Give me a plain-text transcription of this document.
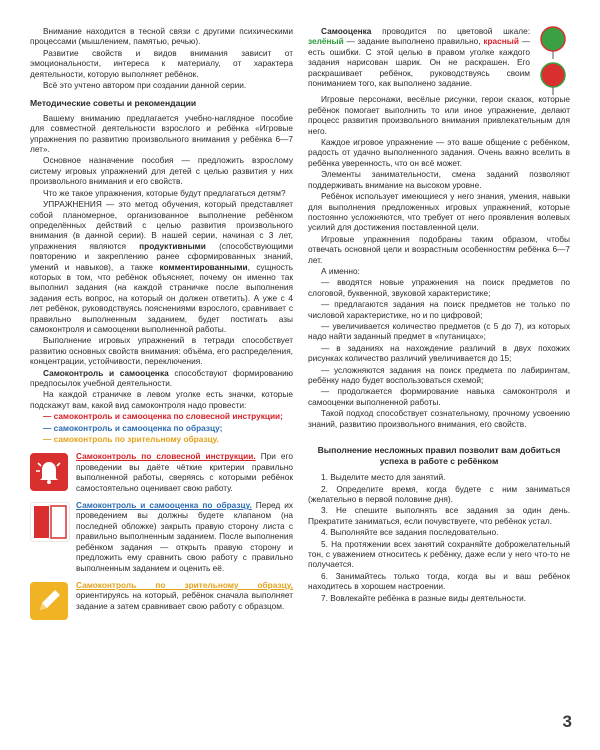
Внимание находится в тесной связи с другими психическими процессами (мышлением, памятью, речью).

Развитие свойств и видов внимания зависит от эмоциональности, интереса к материалу, от характера деятельности, которую выполняет ребёнок.

Всё это учтено автором при создании данной серии.

Методические советы и рекомендации

Вашему вниманию предлагается учебно-наглядное пособие для совместной деятельности взрослого и ребёнка «Игровые упражнения по развитию произвольного внимания у ребёнка 6—7 лет».

Основное назначение пособия — предложить взрослому систему игровых упражнений для детей с целью развития у них произвольного внимания и его свойств.

Что же такое упражнения, которые будут предлагаться детям?

УПРАЖНЕНИЯ — это метод обучения, который представляет собой планомерное, организованное выполнение ребёнком определённых действий с целью развития произвольного внимания (в данной серии). В нашей серии, начиная с 3 лет, упражнения являются продуктивными (способствующими повторению и закреплению ранее сформированных знаний, умений и навыков), а также комментированными, сущность которых в том, что ребёнок объясняет, почему он именно так выполнил задания (на каждой страничке после выполнения задания есть вопрос, на который он должен ответить). А уже с 4 лет ребёнок, руководствуясь пояснениями взрослого, сравнивает с правильно выполненным заданием, будет постигать азы самоконтроля и самооценки выполненной работы.

Выполнение игровых упражнений в тетради способствует развитию основных свойств внимания: объёма, его распределения, концентрации, устойчивости, переключения.

Самоконтроль и самооценка способствуют формированию предпосылок учебной деятельности.

На каждой страничке в левом уголке есть значки, которые подскажут вам, какой вид самоконтроля надо провести:

— самоконтроль и самооценка по словесной инструкции;
— самоконтроль и самооценка по образцу;
— самоконтроль по зрительному образцу.

Самоконтроль по словесной инструкции. При его проведении вы даёте чёткие критерии правильно выполненной работы, сверяясь с которыми ребёнок самостоятельно оценивает свою работу.

Самоконтроль и самооценка по образцу. Перед их проведением вы должны будете клапаном (на последней обложке) закрыть правую сторону листа с правильно выполненным заданием. После выполнения ребёнком задания — открыть правую сторону и предложить ему сравнить свою работу с правильно выполненным заданием и оценить её.

Самоконтроль по зрительному образцу, ориентируясь на который, ребёнок сначала выполняет задание а затем сравнивает свою работу с образцом.

Самооценка проводится по цветовой шкале: зелёный — задание выполнено правильно, красный — есть ошибки. С этой целью в правом уголке каждого задания нарисован шарик. Он не раскрашен. Его раскрашивает ребёнок, руководствуясь своим пониманием того, как выполнено задание.

Игровые персонажи, весёлые рисунки, герои сказок, которые ребёнок помогает выполнить то или иное упражнение, делают процесс развития произвольного внимания привлекательным для него.

Каждое игровое упражнение — это ваше общение с ребёнком, радость от удачно выполненного задания. Очень важно вселить в ребёнка уверенность, что он всё может.

Элементы занимательности, смена заданий позволяют поддерживать внимание на высоком уровне.

Ребёнок использует имеющиеся у него знания, умения, навыки для выполнения предложенных игровых упражнений, которые постоянно усложняются, что требует от него проявления волевых усилий для достижения поставленной цели.

Игровые упражнения подобраны таким образом, чтобы отвечать основной цели и возрастным особенностям ребёнка 6—7 лет.

А именно:

— вводятся новые упражнения на поиск предметов по слоговой, буквенной, звуковой характеристике;

— предлагаются задания на поиск предметов не только по числовой характеристике, но и по цифровой;

— увеличивается количество предметов (с 5 до 7), из которых надо найти заданный предмет в «путаницах»;

— в заданиях на нахождение различий в двух похожих рисунках количество различий увеличивается до 15;

— усложняются задания на поиск предмета по лабиринтам, ребёнку надо будет воспользоваться схемой;

— продолжается формирование навыка самоконтроля и самооценки выполненной работы.

Такой подход способствует сознательному, прочному усвоению знаний, развитию произвольного внимания, его свойств.

Выполнение несложных правил позволит вам добиться успеха в работе с ребёнком

1. Выделите место для занятий.

2. Определите время, когда будете с ним заниматься (желательно в первой половине дня).

3. Не спешите выполнять все задания за один день. Прекратите заниматься, если почувствуете, что ребёнок устал.

4. Выполняйте все задания последовательно.

5. На протяжении всех занятий сохраняйте доброжелательный тон, с уважением относитесь к ребёнку, даже если у него что-то не получается.

6. Занимайтесь только тогда, когда вы и ваш ребёнок находитесь в хорошем настроении.

7. Вовлекайте ребёнка в разные виды деятельности.

3
